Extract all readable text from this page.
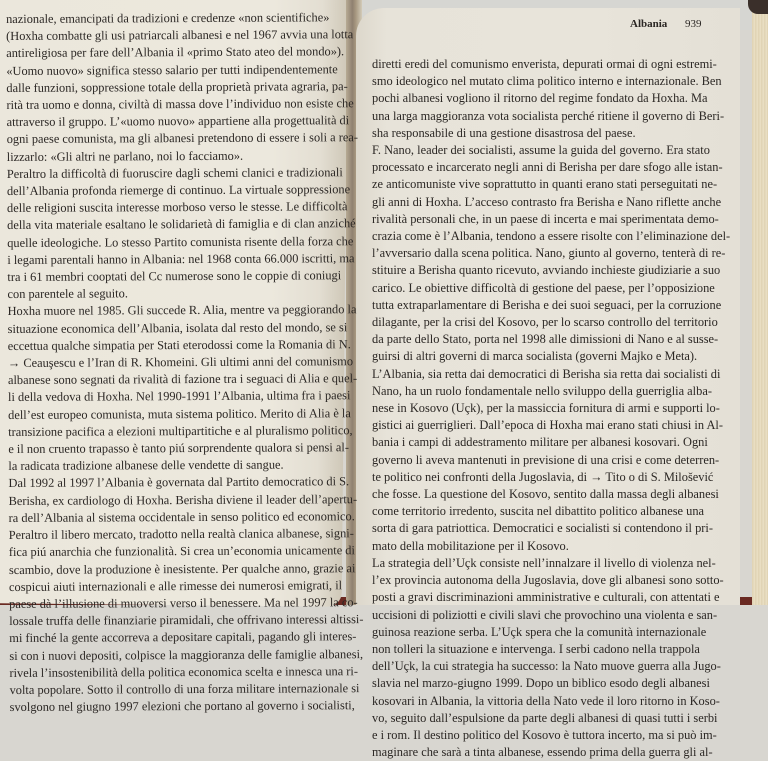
Albania 939
nazionale, emancipati da tradizioni e credenze «non scientifiche»
(Hoxha combatte gli usi patriarcali albanesi e nel 1967 avvia una lotta
antireligiosa per fare dell’Albania il «primo Stato ateo del mondo»).
«Uomo nuovo» significa stesso salario per tutti indipendentemente
dalle funzioni, soppressione totale della proprietà privata agraria, pa-
rità tra uomo e donna, civiltà di massa dove l’individuo non esiste che
attraverso il gruppo. L’«uomo nuovo» appartiene alla progettualità di
ogni paese comunista, ma gli albanesi pretendono di essere i soli a rea-
lizzarlo: «Gli altri ne parlano, noi lo facciamo».
Peraltro la difficoltà di fuoruscire dagli schemi clanici e tradizionali
dell’Albania profonda riemerge di continuo. La virtuale soppressione
delle religioni suscita interesse morboso verso le stesse. Le difficoltà
della vita materiale esaltano le solidarietà di famiglia e di clan anziché
quelle ideologiche. Lo stesso Partito comunista risente della forza che
i legami parentali hanno in Albania: nel 1968 conta 66.000 iscritti, ma
tra i 61 membri cooptati del Cc numerose sono le coppie di coniugi
con parentele al seguito.
Hoxha muore nel 1985. Gli succede R. Alia, mentre va peggiorando la
situazione economica dell’Albania, isolata dal resto del mondo, se si
eccettua qualche simpatia per Stati eterodossi come la Romania di N.
→ Ceauşescu e l’Iran di R. Khomeini. Gli ultimi anni del comunismo
albanese sono segnati da rivalità di fazione tra i seguaci di Alia e quel-
li della vedova di Hoxha. Nel 1990-1991 l’Albania, ultima fra i paesi
dell’est europeo comunista, muta sistema politico. Merito di Alia è la
transizione pacifica a elezioni multipartitiche e al pluralismo politico,
e il non cruento trapasso è tanto piú sorprendente qualora si pensi al-
la radicata tradizione albanese delle vendette di sangue.
Dal 1992 al 1997 l’Albania è governata dal Partito democratico di S.
Berisha, ex cardiologo di Hoxha. Berisha diviene il leader dell’apertu-
ra dell’Albania al sistema occidentale in senso politico ed economico.
Peraltro il libero mercato, tradotto nella realtà clanica albanese, signi-
fica piú anarchia che funzionalità. Si crea un’economia unicamente di
scambio, dove la produzione è inesistente. Per qualche anno, grazie ai
cospicui aiuti internazionali e alle rimesse dei numerosi emigrati, il
paese dà l’illusione di muoversi verso il benessere. Ma nel 1997 la co-
lossale truffa delle finanziarie piramidali, che offrivano interessi altissi-
mi finché la gente accorreva a depositare capitali, pagando gli interes-
si con i nuovi depositi, colpisce la maggioranza delle famiglie albanesi,
rivela l’insostenibilità della politica economica scelta e innesca una ri-
volta popolare. Sotto il controllo di una forza militare internazionale si
svolgono nel giugno 1997 elezioni che portano al governo i socialisti,
diretti eredi del comunismo enverista, depurati ormai di ogni estremi-
smo ideologico nel mutato clima politico interno e internazionale. Ben
pochi albanesi vogliono il ritorno del regime fondato da Hoxha. Ma
una larga maggioranza vota socialista perché ritiene il governo di Beri-
sha responsabile di una gestione disastrosa del paese.
F. Nano, leader dei socialisti, assume la guida del governo. Era stato
processato e incarcerato negli anni di Berisha per dare sfogo alle istan-
ze anticomuniste vive soprattutto in quanti erano stati perseguitati ne-
gli anni di Hoxha. L’acceso contrasto fra Berisha e Nano riflette anche
rivalità personali che, in un paese di incerta e mai sperimentata demo-
crazia come è l’Albania, tendono a essere risolte con l’eliminazione del-
l’avversario dalla scena politica. Nano, giunto al governo, tenterà di re-
stituire a Berisha quanto ricevuto, avviando inchieste giudiziarie a suo
carico. Le obiettive difficoltà di gestione del paese, per l’opposizione
tutta extraparlamentare di Berisha e dei suoi seguaci, per la corruzione
dilagante, per la crisi del Kosovo, per lo scarso controllo del territorio
da parte dello Stato, porta nel 1998 alle dimissioni di Nano e al susse-
guirsi di altri governi di marca socialista (governi Majko e Meta).
L’Albania, sia retta dai democratici di Berisha sia retta dai socialisti di
Nano, ha un ruolo fondamentale nello sviluppo della guerriglia alba-
nese in Kosovo (Uçk), per la massiccia fornitura di armi e supporti lo-
gistici ai guerriglieri. Dall’epoca di Hoxha mai erano stati chiusi in Al-
bania i campi di addestramento militare per albanesi kosovari. Ogni
governo li aveva mantenuti in previsione di una crisi e come deterren-
te politico nei confronti della Jugoslavia, di → Tito o di S. Milošević
che fosse. La questione del Kosovo, sentito dalla massa degli albanesi
come territorio irredento, suscita nel dibattito politico albanese una
sorta di gara patriottica. Democratici e socialisti si contendono il pri-
mato della mobilitazione per il Kosovo.
La strategia dell’Uçk consiste nell’innalzare il livello di violenza nel-
l’ex provincia autonoma della Jugoslavia, dove gli albanesi sono sotto-
posti a gravi discriminazioni amministrative e culturali, con attentati e
uccisioni di poliziotti e civili slavi che provochino una violenta e san-
guinosa reazione serba. L’Uçk spera che la comunità internazionale
non tolleri la situazione e intervenga. I serbi cadono nella trappola
dell’Uçk, la cui strategia ha successo: la Nato muove guerra alla Jugo-
slavia nel marzo-giugno 1999. Dopo un biblico esodo degli albanesi
kosovari in Albania, la vittoria della Nato vede il loro ritorno in Koso-
vo, seguito dall’espulsione da parte degli albanesi di quasi tutti i serbi
e i rom. Il destino politico del Kosovo è tuttora incerto, ma si può im-
maginare che sarà a tinta albanese, essendo prima della guerra gli al-
